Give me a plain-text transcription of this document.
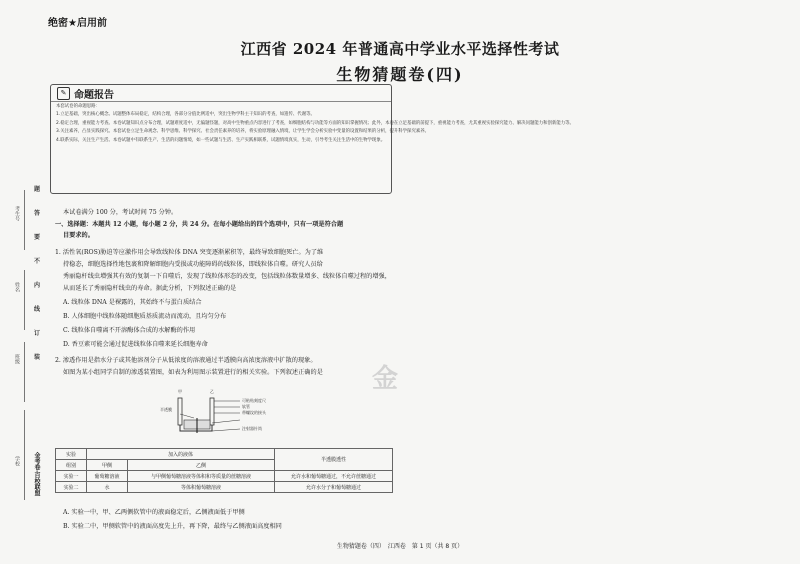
绝密★启用前
江西省 2024 年普通高中学业水平选择性考试
生物猜题卷(四)
✎ 命题报告

本套试卷的命题思路：

1.立足基础，突出核心概念。试题整体布局稳定，结构合理，各部分分值比例适中，突出生物学科主干知识的考查，如遗传、代谢等。

2.稳定合理，重视能力考查。本卷试题知识点分布合理，试题难度适中，无偏题怪题，对高中生物重点内容进行了考查，如细胞结构与功能等方面的知识掌握情况；此外，本卷在立足基础的前提下，重视能力考查，尤其重视实验探究能力、解决问题能力和创新能力等。

3.关注素养，凸显实践探究。本套试卷立足生命观念、科学思维、科学探究、社会责任素养的培养，将实验原理融入情境，让学生学会分析实验中变量的设置和结果的分析，提升科学探究素养。

4.联系实际，关注生产生活。本卷试题中有联系生产、生活的问题情境，如一些试题与生活、生产实践相联系，试题情境真实，生动，引导考生关注生活中的生物学现象。

考生号
姓名
班级
学校
题
答
要
不
内
线
订
装
金考卷·百校联盟
本试卷满分 100 分，考试时间 75 分钟。
一、选择题：本题共 12 小题，每小题 2 分，共 24 分。在每小题给出的四个选项中，只有一项是符合题
目要求的。
1. 活性氧(ROS)胁迫等应激作用会导致线粒体 DNA 突变逐渐累积等，最终导致细胞死亡。为了维
持稳态，细胞选择性地包裹和降解细胞内受损或功能障碍的线粒体，即线粒体自噬。研究人员给
秀丽隐杆线虫增强其有效的复制一下自噬后，发现了线粒体形态的改变，包括线粒体数量增多、线粒体自噬过程的增强，
从而延长了秀丽隐杆线虫的寿命。据此分析，下列叙述正确的是
A. 线粒体 DNA 是裸露的，其始终不与蛋白质结合
B. 人体细胞中线粒体随细胞质基质流动而流动，且均匀分布
C. 线粒体自噬离不开溶酶体合成的水解酶的作用
D. 香豆素可能会通过促进线粒体自噬来延长细胞寿命
2. 渗透作用是指水分子或其他溶剂分子从低浓度的溶液通过半透膜向高浓度溶液中扩散的现象。
如图为某小组同学自制的渗透装置图，如表为利用图示装置进行的相关实验。下列叙述正确的是
甲	乙
半透膜
可粘贴刻度尺
软管
带螺纹的接头
注射器针筒
实验	加入的液体		半透膜透性
组别	甲侧	乙侧	
实验一	葡萄糖溶液	与甲侧葡萄糖溶液等体积和等质量的蔗糖溶液	允许水和葡萄糖通过，不允许蔗糖通过
实验二	水	等体积葡萄糖溶液	允许水分子和葡萄糖通过
A. 实验一中，甲、乙两侧软管中的液面稳定后，乙侧液面低于甲侧
B. 实验二中，甲侧软管中的液面高度先上升，再下降，最终与乙侧液面高度相同
金
生物猜题卷（四）　江西卷　第 1 页（共 8 页）
